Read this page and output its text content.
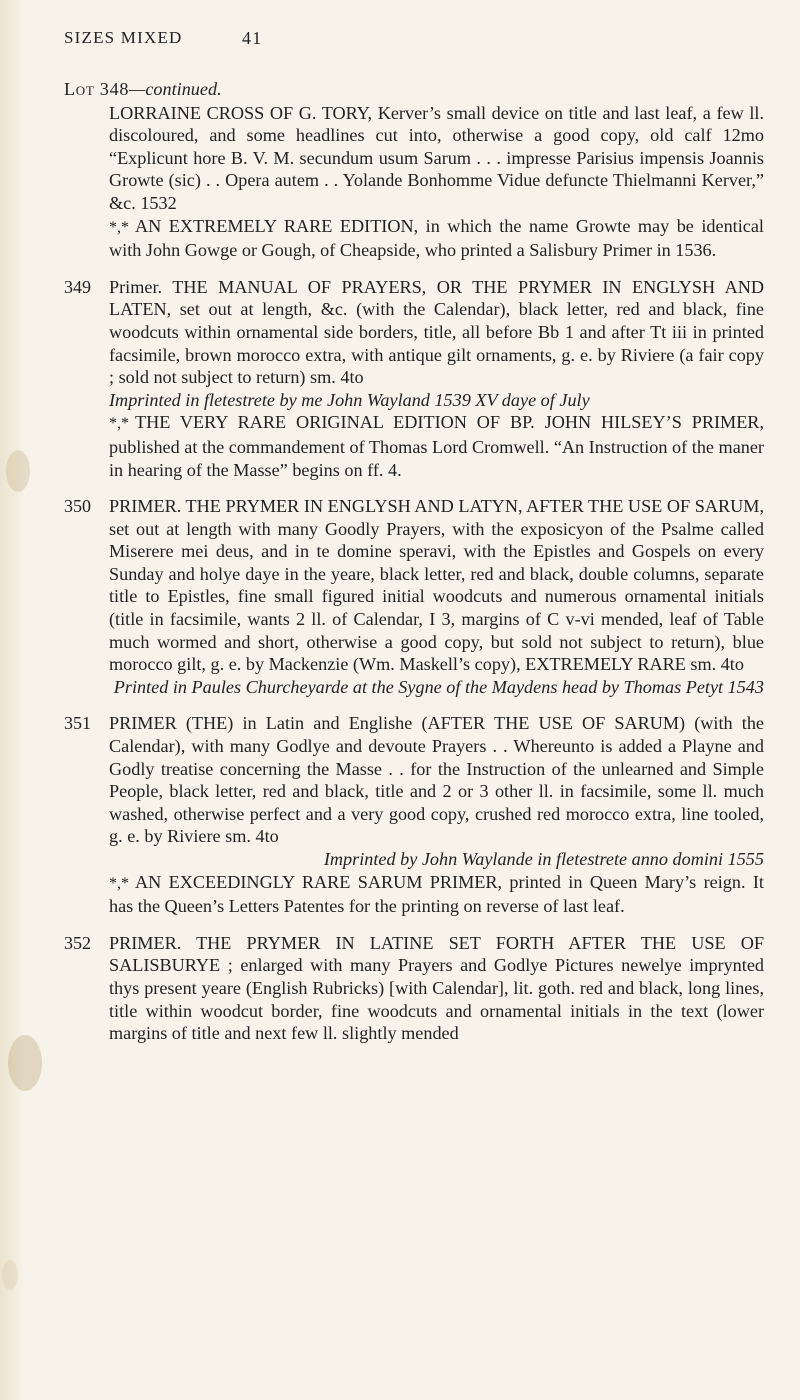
SIZES MIXED	41
Lot 348—continued.

LORRAINE CROSS OF G. TORY, Kerver’s small device on title and last leaf, a few ll. discoloured, and some headlines cut into, otherwise a good copy, old calf 12mo “Explicunt hore B. V. M. secundum usum Sarum . . . impresse Parisius impensis Joannis Growte (sic) . . Opera autem . . Yolande Bonhomme Vidue defuncte Thielmanni Kerver,” &c. 1532

*,* AN EXTREMELY RARE EDITION, in which the name Growte may be identical with John Gowge or Gough, of Cheapside, who printed a Salisbury Primer in 1536.

349 Primer. THE MANUAL OF PRAYERS, OR THE PRYMER IN ENGLYSH AND LATEN, set out at length, &c. (with the Calendar), black letter, red and black, fine woodcuts within ornamental side borders, title, all before Bb 1 and after Tt iii in printed facsimile, brown morocco extra, with antique gilt ornaments, g. e. by Riviere (a fair copy ; sold not subject to return) sm. 4to

Imprinted in fletestrete by me John Wayland 1539 XV daye of July

*,* THE VERY RARE ORIGINAL EDITION OF BP. JOHN HILSEY’S PRIMER, published at the commandement of Thomas Lord Cromwell. “An Instruction of the maner in hearing of the Masse” begins on ff. 4.

350 PRIMER. THE PRYMER IN ENGLYSH AND LATYN, AFTER THE USE OF SARUM, set out at length with many Goodly Prayers, with the exposicyon of the Psalme called Miserere mei deus, and in te domine speravi, with the Epistles and Gospels on every Sunday and holye daye in the yeare, black letter, red and black, double columns, separate title to Epistles, fine small figured initial woodcuts and numerous ornamental initials (title in facsimile, wants 2 ll. of Calendar, I 3, margins of C v-vi mended, leaf of Table much wormed and short, otherwise a good copy, but sold not subject to return), blue morocco gilt, g. e. by Mackenzie (Wm. Maskell’s copy), EXTREMELY RARE sm. 4to

Printed in Paules Churcheyarde at the Sygne of the Maydens head by Thomas Petyt 1543

351 PRIMER (THE) in Latin and Englishe (AFTER THE USE OF SARUM) (with the Calendar), with many Godlye and devoute Prayers . . Whereunto is added a Playne and Godly treatise concerning the Masse . . for the Instruction of the unlearned and Simple People, black letter, red and black, title and 2 or 3 other ll. in facsimile, some ll. much washed, otherwise perfect and a very good copy, crushed red morocco extra, line tooled, g. e. by Riviere sm. 4to

Imprinted by John Waylande in fletestrete anno domini 1555

*,* AN EXCEEDINGLY RARE SARUM PRIMER, printed in Queen Mary’s reign. It has the Queen’s Letters Patentes for the printing on reverse of last leaf.

352 PRIMER. THE PRYMER IN LATINE SET FORTH AFTER THE USE OF SALISBURYE ; enlarged with many Prayers and Godlye Pictures newelye imprynted thys present yeare (English Rubricks) [with Calendar], lit. goth. red and black, long lines, title within woodcut border, fine woodcuts and ornamental initials in the text (lower margins of title and next few ll. slightly mended
